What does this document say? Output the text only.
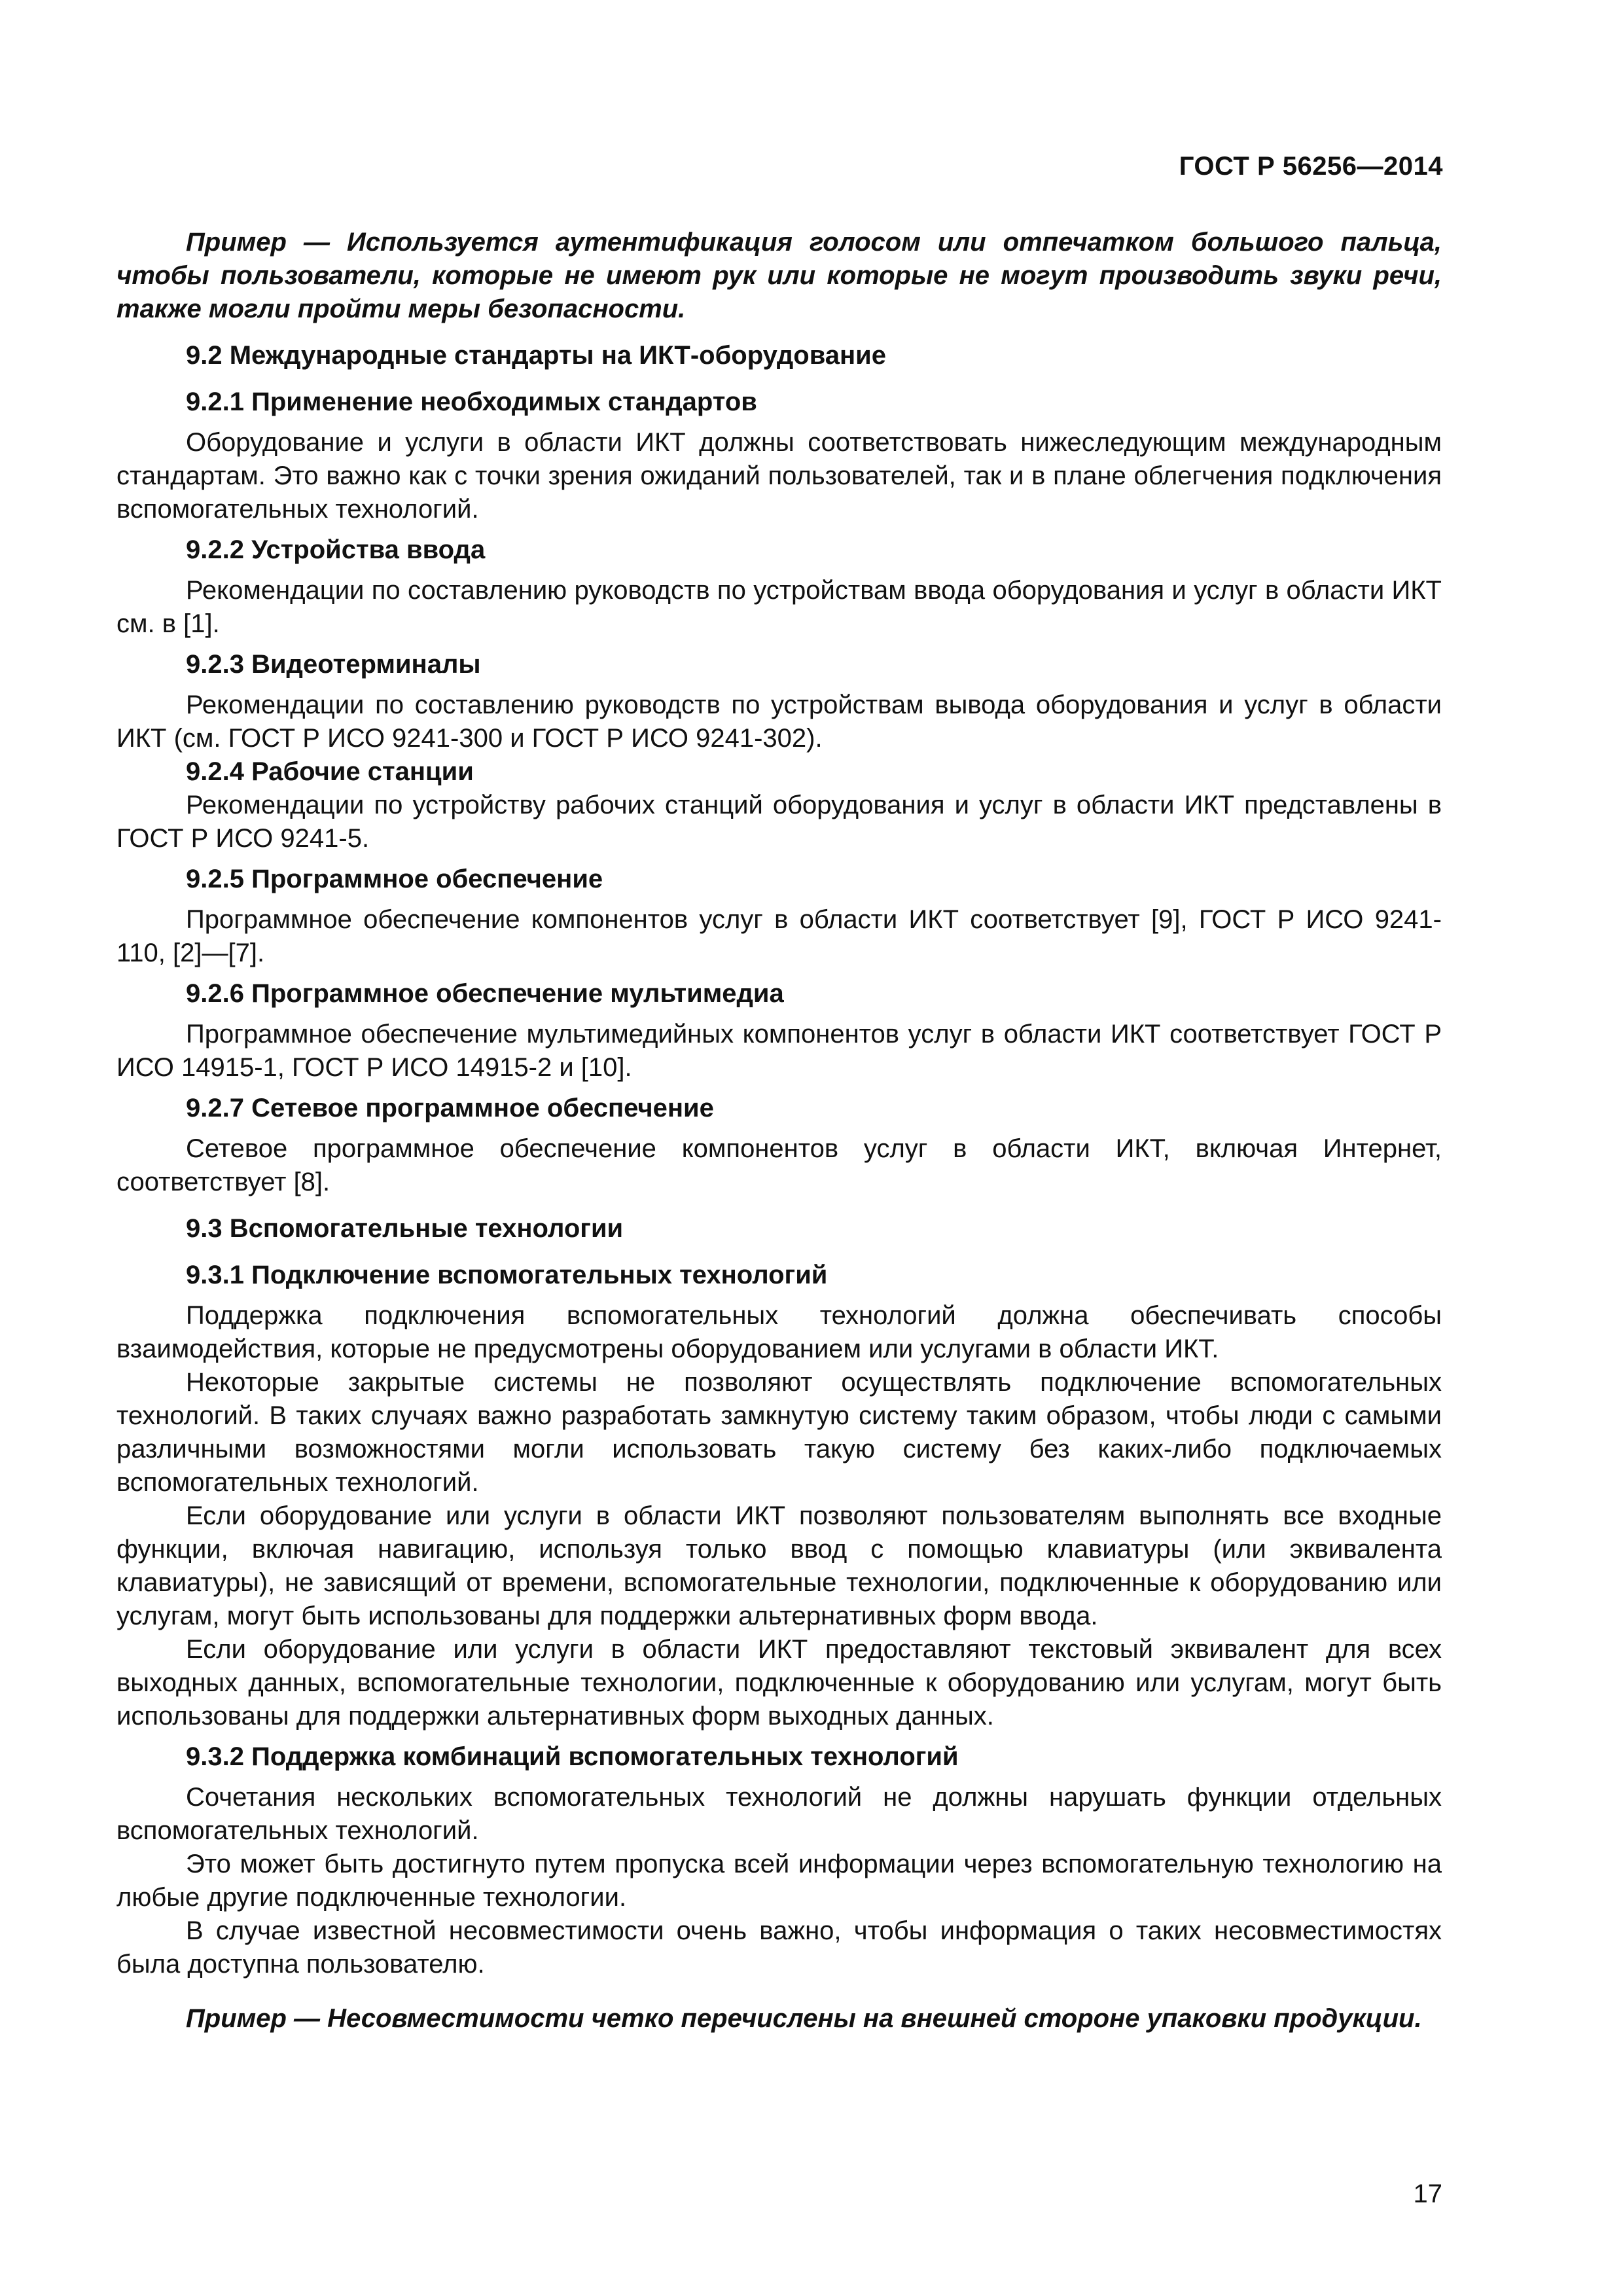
ГОСТ Р 56256—2014

Пример — Используется аутентификация голосом или отпечатком большого пальца, чтобы пользователи, которые не имеют рук или которые не могут производить звуки речи, также могли пройти меры безопасности.

9.2 Международные стандарты на ИКТ-оборудование

9.2.1 Применение необходимых стандартов

Оборудование и услуги в области ИКТ должны соответствовать нижеследующим международным стандартам. Это важно как с точки зрения ожиданий пользователей, так и в плане облегчения подключения вспомогательных технологий.

9.2.2 Устройства ввода

Рекомендации по составлению руководств по устройствам ввода оборудования и услуг в области ИКТ см. в [1].

9.2.3 Видеотерминалы

Рекомендации по составлению руководств по устройствам вывода оборудования и услуг в области ИКТ (см. ГОСТ Р ИСО 9241-300 и ГОСТ Р ИСО 9241-302).

9.2.4 Рабочие станции

Рекомендации по устройству рабочих станций оборудования и услуг в области ИКТ представлены в ГОСТ Р ИСО 9241-5.

9.2.5 Программное обеспечение

Программное обеспечение компонентов услуг в области ИКТ соответствует [9], ГОСТ Р ИСО 9241-110, [2]—[7].

9.2.6 Программное обеспечение мультимедиа

Программное обеспечение мультимедийных компонентов услуг в области ИКТ соответствует ГОСТ Р ИСО 14915-1, ГОСТ Р ИСО 14915-2 и [10].

9.2.7 Сетевое программное обеспечение

Сетевое программное обеспечение компонентов услуг в области ИКТ, включая Интернет, соответствует [8].

9.3 Вспомогательные технологии

9.3.1 Подключение вспомогательных технологий

Поддержка подключения вспомогательных технологий должна обеспечивать способы взаимодействия, которые не предусмотрены оборудованием или услугами в области ИКТ.

Некоторые закрытые системы не позволяют осуществлять подключение вспомогательных технологий. В таких случаях важно разработать замкнутую систему таким образом, чтобы люди с самыми различными возможностями могли использовать такую систему без каких-либо подключаемых вспомогательных технологий.

Если оборудование или услуги в области ИКТ позволяют пользователям выполнять все входные функции, включая навигацию, используя только ввод с помощью клавиатуры (или эквивалента клавиатуры), не зависящий от времени, вспомогательные технологии, подключенные к оборудованию или услугам, могут быть использованы для поддержки альтернативных форм ввода.

Если оборудование или услуги в области ИКТ предоставляют текстовый эквивалент для всех выходных данных, вспомогательные технологии, подключенные к оборудованию или услугам, могут быть использованы для поддержки альтернативных форм выходных данных.

9.3.2 Поддержка комбинаций вспомогательных технологий

Сочетания нескольких вспомогательных технологий не должны нарушать функции отдельных вспомогательных технологий.

Это может быть достигнуто путем пропуска всей информации через вспомогательную технологию на любые другие подключенные технологии.

В случае известной несовместимости очень важно, чтобы информация о таких несовместимостях была доступна пользователю.

Пример — Несовместимости четко перечислены на внешней стороне упаковки продукции.

17
